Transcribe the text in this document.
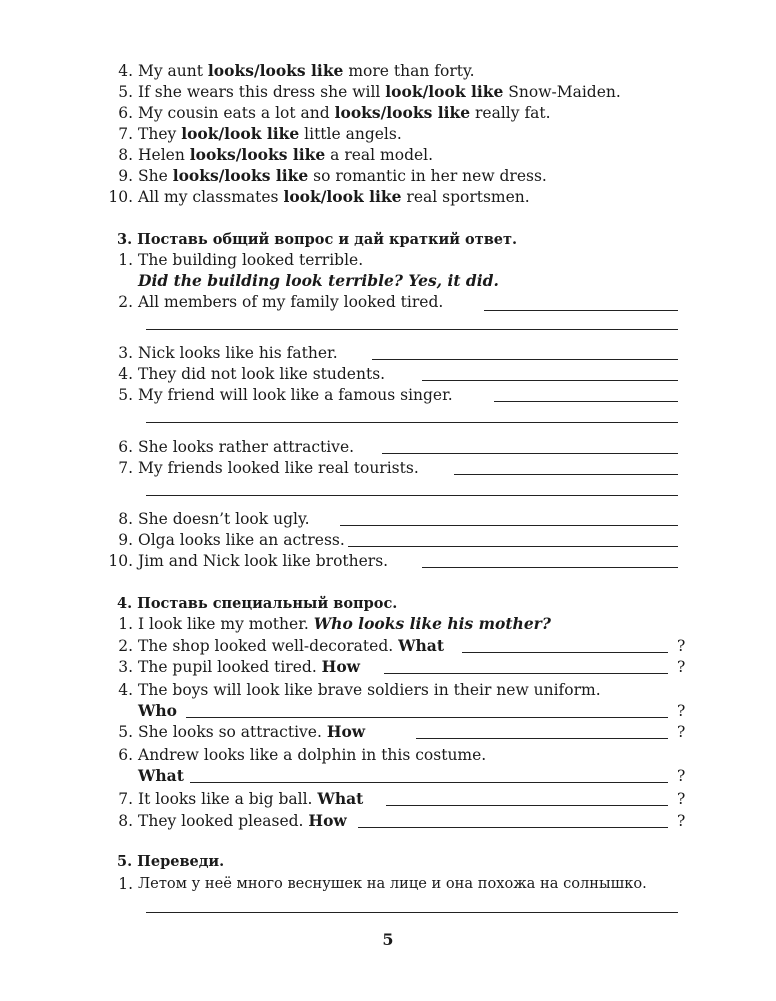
4. My aunt looks/looks like more than forty.
5. If she wears this dress she will look/look like Snow-Maiden.
6. My cousin eats a lot and looks/looks like really fat.
7. They look/look like little angels.
8. Helen looks/looks like a real model.
9. She looks/looks like so romantic in her new dress.
10. All my classmates look/look like real sportsmen.
3. Поставь общий вопрос и дай краткий ответ.
1. The building looked terrible.
Did the building look terrible? Yes, it did.
2. All members of my family looked tired.
3. Nick looks like his father.
4. They did not look like students.
5. My friend will look like a famous singer.
6. She looks rather attractive.
7. My friends looked like real tourists.
8. She doesn’t look ugly.
9. Olga looks like an actress.
10. Jim and Nick look like brothers.
4. Поставь специальный вопрос.
1. I look like my mother. Who looks like his mother?
2. The shop looked well-decorated. What	?
3. The pupil looked tired. How	?
4. The boys will look like brave soldiers in their new uniform.
Who	?
5. She looks so attractive. How	?
6. Andrew looks like a dolphin in this costume.
What	?
7. It looks like a big ball. What	?
8. They looked pleased. How	?
5. Переведи.
1. Летом у неё много веснушек на лице и она похожа на солнышко.
5
